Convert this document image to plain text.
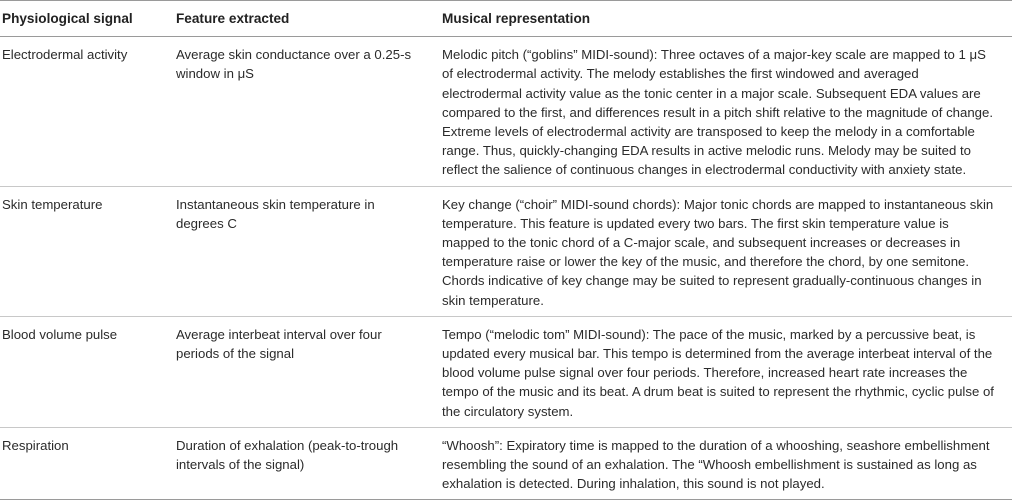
Physiological signal	Feature extracted	Musical representation
Electrodermal activity	Average skin conductance over a 0.25-s window in μS	Melodic pitch (“goblins” MIDI-sound): Three octaves of a major-key scale are mapped to 1 μS of electrodermal activity. The melody establishes the first windowed and averaged electrodermal activity value as the tonic center in a major scale. Subsequent EDA values are compared to the first, and differences result in a pitch shift relative to the magnitude of change. Extreme levels of electrodermal activity are transposed to keep the melody in a comfortable range. Thus, quickly-changing EDA results in active melodic runs. Melody may be suited to reflect the salience of continuous changes in electrodermal conductivity with anxiety state.
Skin temperature	Instantaneous skin temperature in degrees C	Key change (“choir” MIDI-sound chords): Major tonic chords are mapped to instantaneous skin temperature. This feature is updated every two bars. The first skin temperature value is mapped to the tonic chord of a C-major scale, and subsequent increases or decreases in temperature raise or lower the key of the music, and therefore the chord, by one semitone. Chords indicative of key change may be suited to represent gradually-continuous changes in skin temperature.
Blood volume pulse	Average interbeat interval over four periods of the signal	Tempo (“melodic tom” MIDI-sound): The pace of the music, marked by a percussive beat, is updated every musical bar. This tempo is determined from the average interbeat interval of the blood volume pulse signal over four periods. Therefore, increased heart rate increases the tempo of the music and its beat. A drum beat is suited to represent the rhythmic, cyclic pulse of the circulatory system.
Respiration	Duration of exhalation (peak-to-trough intervals of the signal)	“Whoosh”: Expiratory time is mapped to the duration of a whooshing, seashore embellishment resembling the sound of an exhalation. The “Whoosh embellishment is sustained as long as exhalation is detected. During inhalation, this sound is not played.
